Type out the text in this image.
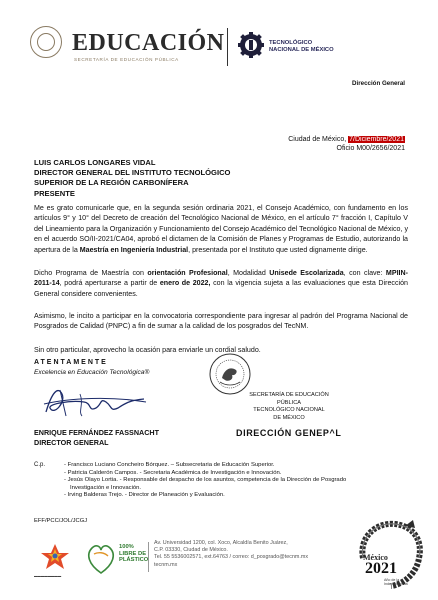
EDUCACIÓN
SECRETARÍA DE EDUCACIÓN PÚBLICA
TECNOLÓGICO
NACIONAL DE MÉXICO
Dirección General
Ciudad de México, 7/Diciembre/2021
Oficio M00/2656/2021
LUIS CARLOS LONGARES VIDAL
DIRECTOR GENERAL DEL INSTITUTO TECNOLÓGICO
SUPERIOR DE LA REGIÓN CARBONÍFERA
PRESENTE
Me es grato comunicarle que, en la segunda sesión ordinaria 2021, el Consejo Académico, con fundamento en los artículos 9° y 10° del Decreto de creación del Tecnológico Nacional de México, en el artículo 7° fracción I, Capítulo V del Lineamiento para la Organización y Funcionamiento del Consejo Académico del Tecnológico Nacional de México, y en el acuerdo SO/II-2021/CA04, aprobó el dictamen de la Comisión de Planes y Programas de Estudio, autorizando la apertura de la Maestría en Ingeniería Industrial, presentada por el Instituto que usted dignamente dirige.
Dicho Programa de Maestría con orientación Profesional, Modalidad Unisede Escolarizada, con clave: MPIIN-2011-14, podrá aperturarse a partir de enero de 2022, con la vigencia sujeta a las evaluaciones que esta Dirección General considere convenientes.
Asimismo, le incito a participar en la convocatoria correspondiente para ingresar al padrón del Programa Nacional de Posgrados de Calidad (PNPC) a fin de sumar a la calidad de los posgrados del TecNM.
Sin otro particular, aprovecho la ocasión para enviarle un cordial saludo.
ATENTAMENTE
Excelencia en Educación Tecnológica®
ENRIQUE FERNÁNDEZ FASSNACHT
DIRECTOR GENERAL
SECRETARÍA DE EDUCACIÓN PÚBLICA
TECNOLÓGICO NACIONAL
DE MÉXICO
DIRECCIÓN GENEP^L
C.p.	- Francisco Luciano Concheiro Bórquez. – Subsecretaria de Educación Superior.
- Patricia Calderón Campos. - Secretaria Académica de Investigación e Innovación.
- Jesús Olayo Lortia. - Responsable del despacho de los asuntos, competencia de la Dirección de Posgrado
Investigación e Innovación.
- Irving Balderas Trejo. - Director de Planeación y Evaluación.
EFF/PCC/JOL/JCGJ
▬▬▬▬▬▬▬▬
100%
LIBRE DE
PLÁSTICO
Av. Universidad 1200, col. Xoco, Alcaldía Benito Juárez,
C.P. 03330, Ciudad de México.
Tel. 55 5536002571, ext.64763 / correo: d_posgrado@tecnm.mx
tecnm.mx
México
2021
Año de la
Independencia
